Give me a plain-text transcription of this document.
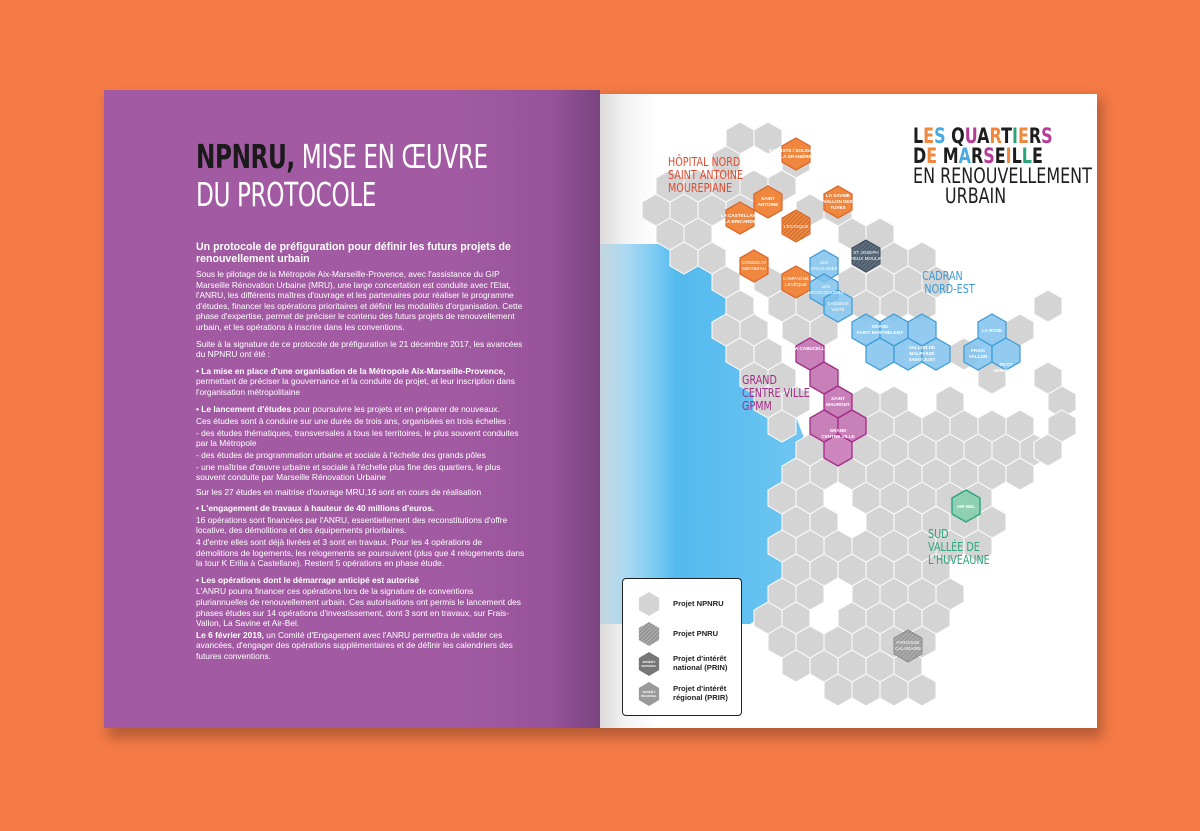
NPNRU, MISE EN ŒUVRE
DU PROTOCOLE

Un protocole de préfiguration pour définir les futurs projets de renouvellement urbain

Sous le pilotage de la Métropole Aix-Marseille-Provence, avec l'assistance du GIP Marseille Rénovation Urbaine (MRU), une large concertation est conduite avec l'Etat, l'ANRU, les différents maîtres d'ouvrage et les partenaires pour réaliser le programme d'études, financer les opérations prioritaires et définir les modalités d'organisation. Cette phase d'expertise, permet de préciser le contenu des futurs projets de renouvellement urbain, et les opérations à inscrire dans les conventions.

Suite à la signature de ce protocole de préfiguration le 21 décembre 2017, les avancées du NPNRU ont été :

• La mise en place d'une organisation de la Métropole Aix-Marseille-Provence, permettant de préciser la gouvernance et la conduite de projet, et leur inscription dans l'organisation métropolitaine

• Le lancement d'études pour poursuivre les projets et en préparer de nouveaux.

Ces études sont à conduire sur une durée de trois ans, organisées en trois échelles :

- des études thématiques, transversales à tous les territoires, le plus souvent conduites par la Métropole

- des études de programmation urbaine et sociale à l'échelle des grands pôles

- une maîtrise d'œuvre urbaine et sociale à l'échelle plus fine des quartiers, le plus souvent conduite par Marseille Rénovation Urbaine

Sur les 27 études en maitrise d'ouvrage MRU,16 sont en cours de réalisation

• L'engagement de travaux à hauteur de 40 millions d'euros.

16 opérations sont financées par l'ANRU, essentiellement des reconstitutions d'offre locative, des démolitions et des équipements prioritaires.

4 d'entre elles sont déjà livrées et 3 sont en travaux. Pour les 4 opérations de démolitions de logements, les relogements se poursuivent (plus que 4 relogements dans la tour K Erilia à Castellane). Restent 5 opérations en phase étude.

• Les opérations dont le démarrage anticipé est autorisé

L'ANRU pourra financer ces opérations lors de la signature de conventions pluriannuelles de renouvellement urbain. Ces autorisations ont permis le lancement des phases études sur 14 opérations d'investissement, dont 3 sont en travaux, sur Frais-Vallon, La Savine et Air-Bel.

Le 6 février 2019, un Comité d'Engagement avec l'ANRU permettra de valider ces avancées, d'engager des opérations supplémentaires et de définir les calendriers des futures conventions.

KALLISTE / SOLIDARITÉ
LA GRANIÈRE
SAINT
ANTOINE
LA SAVINE
VALLON DES
TUVES
LA CASTELLANE
LA BRICARDE
L'ESTAQUE
CONSOLAT
MIRABEAU
CAMPAGNE
LÉVÊQUE
LES
AYGALADES
LES
MICOCOULIERS
BASSENS
VISTE
ST JOSEPH
VIEUX MOULIN
GRAND
SAINT BARTHÉLEMY
VALLON DE
MALPASSÉ
SAINT-JUST
LA ROSE
FRAIS
VALLON
PETIT
SÉMINAIRE
LA CABUCELLE
SAINT
MAURONT
GRAND
CENTRE VILLE
AIR BEL
PAROISSE
CALADAIRE
LES QUARTIERS
DE MARSEILLE
EN RENOUVELLEMENT
URBAIN
HÔPITAL NORD
SAINT ANTOINE
MOUREPIANE
CADRAN
NORD-EST
GRAND
CENTRE VILLE
GPMM
SUD
VALLÉE DE
L'HUVEAUNE
Projet NPNRU
Projet PNRU
INTÉRÊT
NATIONAL
Projet d'intérêt
national (PRIN)
INTÉRÊT
RÉGIONAL
Projet d'intérêt
régional (PRIR)
